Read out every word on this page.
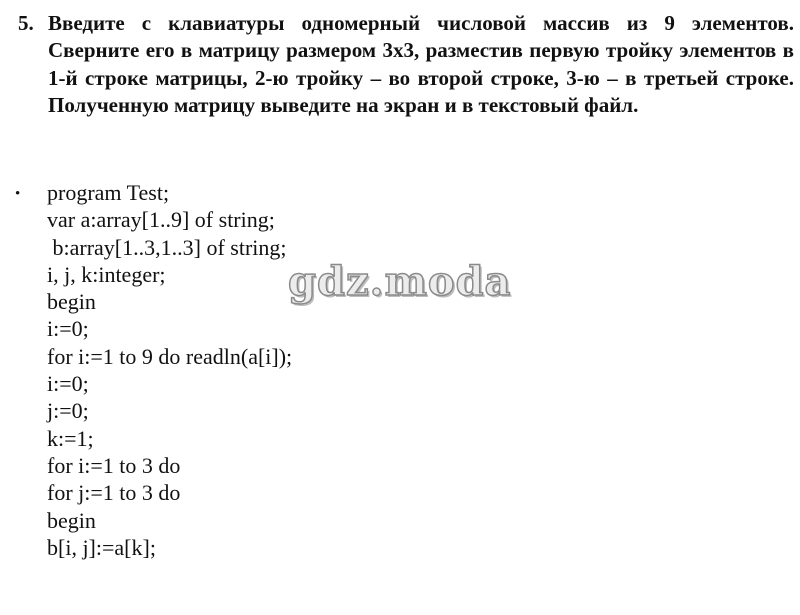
5. Введите с клавиатуры одномерный числовой массив из 9 элементов. Сверните его в матрицу размером 3x3, разместив первую тройку элементов в 1-й строке матрицы, 2-ю тройку – во второй строке, 3-ю – в третьей строке. Полученную матрицу выведите на экран и в текстовый файл.
• program Test;
var a:array[1..9] of string;
b:array[1..3,1..3] of string;
i, j, k:integer;
begin
i:=0;
for i:=1 to 9 do readln(a[i]);
i:=0;
j:=0;
k:=1;
for i:=1 to 3 do
for j:=1 to 3 do
begin
b[i, j]:=a[k];
gdz.moda
